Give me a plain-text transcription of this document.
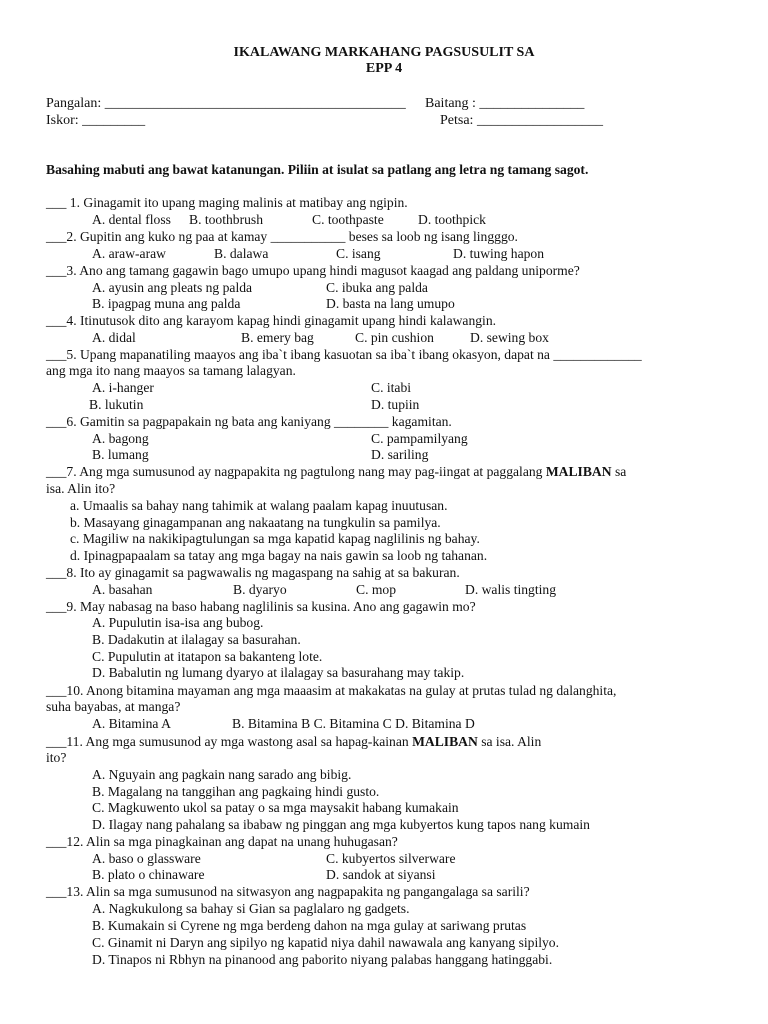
IKALAWANG MARKAHANG PAGSUSULIT SA
EPP 4
Pangalan: ___________________________________________ Baitang : _______________
Iskor: _________	Petsa: __________________
Basahing mabuti ang bawat katanungan. Piliin at isulat sa patlang ang letra ng tamang sagot.
___ 1. Ginagamit ito upang maging malinis at matibay ang ngipin.
A. dental floss B. toothbrush	C. toothpaste	D. toothpick
___2. Gupitin ang kuko ng paa at kamay ___________ beses sa loob ng isang lingggo.
A. araw-araw	B. dalawa	C. isang	D. tuwing hapon
___3. Ano ang tamang gagawin bago umupo upang hindi magusot kaagad ang paldang uniporme?
A. ayusin ang pleats ng palda	C. ibuka ang palda
B. ipagpag muna ang palda	D. basta na lang umupo
___4. Itinutusok dito ang karayom kapag hindi ginagamit upang hindi kalawangin.
A. didal	B. emery bag	C. pin cushion	D. sewing box
___5. Upang mapanatiling maayos ang iba`t ibang kasuotan sa iba`t ibang okasyon, dapat na _____________
ang mga ito nang maayos sa tamang lalagyan.
A. i-hanger	C. itabi
B. lukutin	D. tupiin
___6. Gamitin sa pagpapakain ng bata ang kaniyang ________ kagamitan.
A. bagong	C. pampamilyang
B. lumang	D. sariling
___7. Ang mga sumusunod ay nagpapakita ng pagtulong nang may pag-iingat at paggalang MALIBAN sa
isa. Alin ito?
a. Umaalis sa bahay nang tahimik at walang paalam kapag inuutusan.
b. Masayang ginagampanan ang nakaatang na tungkulin sa pamilya.
c. Magiliw na nakikipagtulungan sa mga kapatid kapag naglilinis ng bahay.
d. Ipinagpapaalam sa tatay ang mga bagay na nais gawin sa loob ng tahanan.
___8. Ito ay ginagamit sa pagwawalis ng magaspang na sahig at sa bakuran.
A. basahan	B. dyaryo	C. mop	D. walis tingting
___9. May nabasag na baso habang naglilinis sa kusina. Ano ang gagawin mo?
A. Pupulutin isa-isa ang bubog.
B. Dadakutin at ilalagay sa basurahan.
C. Pupulutin at itatapon sa bakanteng lote.
D. Babalutin ng lumang dyaryo at ilalagay sa basurahang may takip.
___10. Anong bitamina mayaman ang mga maaasim at makakatas na gulay at prutas tulad ng dalanghita,
suha bayabas, at manga?
A. Bitamina A	B. Bitamina B C. Bitamina C D. Bitamina D
___11. Ang mga sumusunod ay mga wastong asal sa hapag-kainan MALIBAN sa isa. Alin
ito?
A. Nguyain ang pagkain nang sarado ang bibig.
B. Magalang na tanggihan ang pagkaing hindi gusto.
C. Magkuwento ukol sa patay o sa mga maysakit habang kumakain
D. Ilagay nang pahalang sa ibabaw ng pinggan ang mga kubyertos kung tapos nang kumain
___12. Alin sa mga pinagkainan ang dapat na unang huhugasan?
A. baso o glassware	C. kubyertos silverware
B. plato o chinaware	D. sandok at siyansi
___13. Alin sa mga sumusunod na sitwasyon ang nagpapakita ng pangangalaga sa sarili?
A. Nagkukulong sa bahay si Gian sa paglalaro ng gadgets.
B. Kumakain si Cyrene ng mga berdeng dahon na mga gulay at sariwang prutas
C. Ginamit ni Daryn ang sipilyo ng kapatid niya dahil nawawala ang kanyang sipilyo.
D. Tinapos ni Rbhyn na pinanood ang paborito niyang palabas hanggang hatinggabi.
